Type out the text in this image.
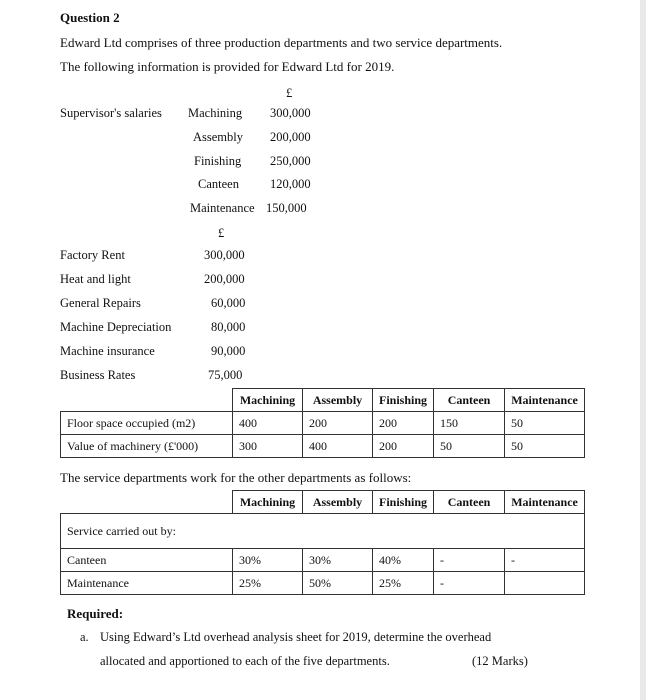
Question 2
Edward Ltd comprises of three production departments and two service departments.
The following information is provided for Edward Ltd for 2019.
£
Supervisor's salaries Machining 300,000
Assembly 200,000
Finishing 250,000
Canteen 120,000
Maintenance 150,000
£
Factory Rent	300,000
Heat and light	200,000
General Repairs	60,000
Machine Depreciation	80,000
Machine insurance	90,000
Business Rates	75,000
	Machining	Assembly	Finishing	Canteen	Maintenance
Floor space occupied (m2)	400	200	200	150	50
Value of machinery (£'000)	300	400	200	50	50
The service departments work for the other departments as follows:
	Machining	Assembly	Finishing	Canteen	Maintenance
Service carried out by:					
Canteen	30%	30%	40%	-	-
Maintenance	25%	50%	25%	-	
Required:
a. Using Edward’s Ltd overhead analysis sheet for 2019, determine the overhead
allocated and apportioned to each of the five departments.	(12 Marks)
